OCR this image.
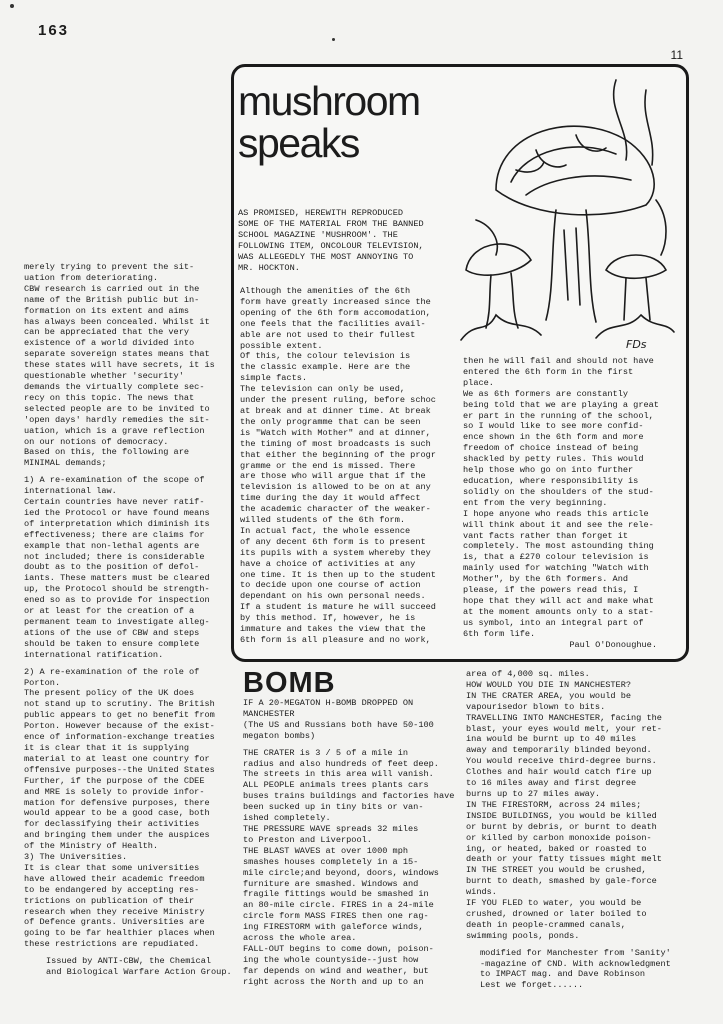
163
11

merely trying to prevent the sit-
uation from deteriorating.
CBW research is carried out in the
name of the British public but in-
formation on its extent and aims
has always been concealed. Whilst it
can be appreciated that the very
existence of a world divided into
separate sovereign states means that
these states will have secrets, it is
questionable whether 'security'
demands the virtually complete sec-
recy on this topic. The news that
selected people are to be invited to
'open days' hardly remedies the sit-
uation, which is a grave reflection
on our notions of democracy.
Based on this, the following are
MINIMAL demands;

1) A re-examination of the scope of
international law.
Certain countries have never ratif-
ied the Protocol or have found means
of interpretation which diminish its
effectiveness; there are claims for
example that non-lethal agents are
not included; there is considerable
doubt as to the position of defol-
iants. These matters must be cleared
up, the Protocol should be strength-
ened so as to provide for inspection
or at least for the creation of a
permanent team to investigate alleg-
ations of the use of CBW and steps
should be taken to ensure complete
international ratification.

2) A re-examination of the role of
Porton.
The present policy of the UK does
not stand up to scrutiny. The British
public appears to get no benefit from
Porton. However because of the exist-
ence of information-exchange treaties
it is clear that it is supplying
material to at least one country for
offensive purposes--the United States
Further, if the purpose of the CDEE
and MRE is solely to provide infor-
mation for defensive purposes, there
would appear to be a good case, both
for declassifying their activities
and bringing them under the auspices
of the Ministry of Health.
3) The Universities.
It is clear that some universities
have allowed their academic freedom
to be endangered by accepting res-
trictions on publication of their
research when they receive Ministry
of Defence grants. Universities are
going to be far healthier places when
these restrictions are repudiated.

Issued by ANTI-CBW, the Chemical
and Biological Warfare Action Group.

mushroom
speaks
FDs

AS PROMISED, HEREWITH REPRODUCED
SOME OF THE MATERIAL FROM THE BANNED
SCHOOL MAGAZINE 'MUSHROOM'. THE
FOLLOWING ITEM, ONCOLOUR TELEVISION,
WAS ALLEGEDLY THE MOST ANNOYING TO
MR. HOCKTON.

Although the amenities of the 6th
form have greatly increased since the
opening of the 6th form accomodation,
one feels that the facilities avail-
able are not used to their fullest
possible extent.
Of this, the colour television is
the classic example. Here are the
simple facts.
The television can only be used,
under the present ruling, before schoc
at break and at dinner time. At break
the only programme that can be seen
is "Watch with Mother" and at dinner,
the timing of most broadcasts is such
that either the beginning of the progr
gramme or the end is missed. There
are those who will argue that if the
television is allowed to be on at any
time during the day it would affect
the academic character of the weaker-
willed students of the 6th form.
In actual fact, the whole essence
of any decent 6th form is to present
its pupils with a system whereby they
have a choice of activities at any
one time. It is then up to the student
to decide upon one course of action
dependant on his own personal needs.
If a student is mature he will succeed
by this method. If, however, he is
immature and takes the view that the
6th form is all pleasure and no work,

then he will fail and should not have
entered the 6th form in the first
place.
We as 6th formers are constantly
being told that we are playing a great
er part in the running of the school,
so I would like to see more confid-
ence shown in the 6th form and more
freedom of choice instead of being
shackled by petty rules. This would
help those who go on into further
education, where responsibility is
solidly on the shoulders of the stud-
ent from the very beginning.
I hope anyone who reads this article
will think about it and see the rele-
vant facts rather than forget it
completely. The most astounding thing
is, that a £270 colour television is
mainly used for watching "Watch with
Mother", by the 6th formers. And
please, if the powers read this, I
hope that they will act and make what
at the moment amounts only to a stat-
us symbol, into an integral part of
6th form life.

Paul O'Donoughue.

BOMB

IF A 20-MEGATON H-BOMB DROPPED ON
MANCHESTER
(The US and Russians both have 50-100
megaton bombs)

THE CRATER is 3 / 5 of a mile in
radius and also hundreds of feet deep.
The streets in this area will vanish.
ALL PEOPLE animals trees plants cars
buses trains buildings and factories have
been sucked up in tiny bits or van-
ished completely.
THE PRESSURE WAVE spreads 32 miles
to Preston and Liverpool.
THE BLAST WAVES at over 1000 mph
smashes houses completely in a 15-
mile circle;and beyond, doors, windows
furniture are smashed. Windows and
fragile fittings would be smashed in
an 80-mile circle. FIRES in a 24-mile
circle form MASS FIRES then one rag-
ing FIRESTORM with galeforce winds,
across the whole area.
FALL-OUT begins to come down, poison-
ing the whole countyside--just how
far depends on wind and weather, but
right across the North and up to an

area of 4,000 sq. miles.
HOW WOULD YOU DIE IN MANCHESTER?
IN THE CRATER AREA, you would be
vapourisedor blown to bits.
TRAVELLING INTO MANCHESTER, facing the
blast, your eyes would melt, your ret-
ina would be burnt up to 40 miles
away and temporarily blinded beyond.
You would receive third-degree burns.
Clothes and hair would catch fire up
to 16 miles away and first degree
burns up to 27 miles away.
IN THE FIRESTORM, across 24 miles;
INSIDE BUILDINGS, you would be killed
or burnt by debris, or burnt to death
or killed by carbon monoxide poison-
ing, or heated, baked or roasted to
death or your fatty tissues might melt
IN THE STREET you would be crushed,
burnt to death, smashed by gale-force
winds.
IF YOU FLED to water, you would be
crushed, drowned or later boiled to
death in people-crammed canals,
swimming pools, ponds.

modified for Manchester from 'Sanity'
-magazine of CND. With acknowledgment
to IMPACT mag. and Dave Robinson
Lest we forget......
